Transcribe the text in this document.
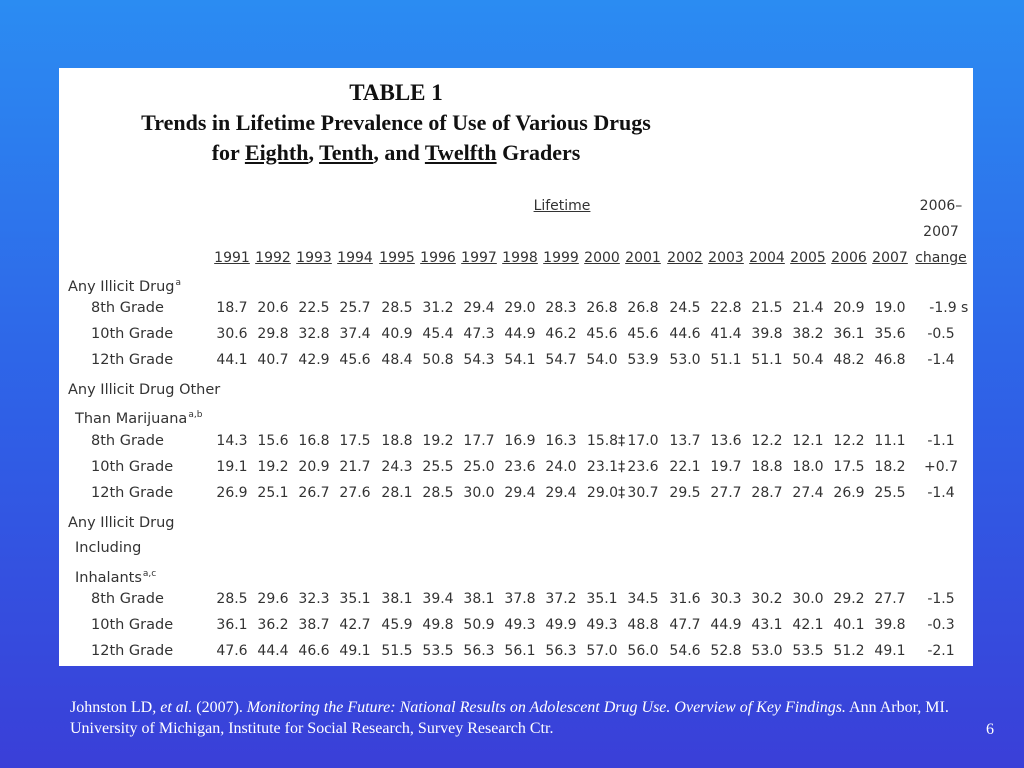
TABLE 1
Trends in Lifetime Prevalence of Use of Various Drugs
for Eighth, Tenth, and Twelfth Graders
Lifetime	2006–
2007
change
1991 1992 1993 1994 1995 1996 1997 1998 1999 2000 2001 2002 2003 2004 2005 2006 2007
Any Illicit Drug$^a$
8th Grade	18.7 20.6 22.5 25.7 28.5 31.2 29.4 29.0 28.3 26.8 26.8 24.5 22.8 21.5 21.4 20.9 19.0 -1.9 s
10th Grade	30.6 29.8 32.8 37.4 40.9 45.4 47.3 44.9 46.2 45.6 45.6 44.6 41.4 39.8 38.2 36.1 35.6 -0.5
12th Grade	44.1 40.7 42.9 45.6 48.4 50.8 54.3 54.1 54.7 54.0 53.9 53.0 51.1 51.1 50.4 48.2 46.8 -1.4
Any Illicit Drug Other
Than Marijuana$^{a,b}$
8th Grade	14.3 15.6 16.8 17.5 18.8 19.2 17.7 16.9 16.3 15.8‡ 17.0 13.7 13.6 12.2 12.1 12.2 11.1 -1.1
10th Grade	19.1 19.2 20.9 21.7 24.3 25.5 25.0 23.6 24.0 23.1‡ 23.6 22.1 19.7 18.8 18.0 17.5 18.2 +0.7
12th Grade	26.9 25.1 26.7 27.6 28.1 28.5 30.0 29.4 29.4 29.0‡ 30.7 29.5 27.7 28.7 27.4 26.9 25.5 -1.4
Any Illicit Drug
Including
Inhalants$^{a,c}$
8th Grade	28.5 29.6 32.3 35.1 38.1 39.4 38.1 37.8 37.2 35.1 34.5 31.6 30.3 30.2 30.0 29.2 27.7 -1.5
10th Grade	36.1 36.2 38.7 42.7 45.9 49.8 50.9 49.3 49.9 49.3 48.8 47.7 44.9 43.1 42.1 40.1 39.8 -0.3
12th Grade	47.6 44.4 46.6 49.1 51.5 53.5 56.3 56.1 56.3 57.0 56.0 54.6 52.8 53.0 53.5 51.2 49.1 -2.1
Johnston LD, et al. (2007). Monitoring the Future: National Results on Adolescent Drug Use. Overview of Key Findings. Ann Arbor, MI. University of Michigan, Institute for Social Research, Survey Research Ctr.	6
